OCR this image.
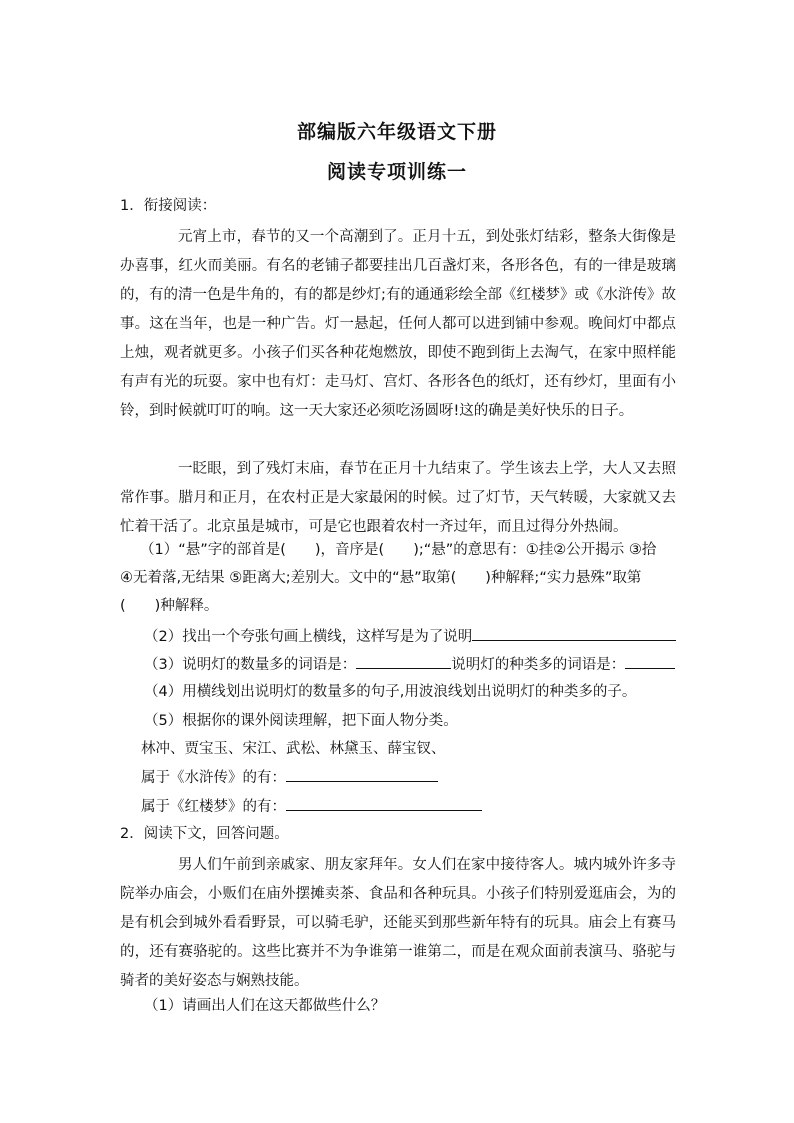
部编版六年级语文下册
阅读专项训练一
1．衔接阅读：
元宵上市，春节的又一个高潮到了。正月十五，到处张灯结彩，整条大街像是办喜事，红火而美丽。有名的老铺子都要挂出几百盏灯来，各形各色，有的一律是玻璃的，有的清一色是牛角的，有的都是纱灯;有的通通彩绘全部《红楼梦》或《水浒传》故事。这在当年，也是一种广告。灯一悬起，任何人都可以进到铺中参观。晚间灯中都点上烛，观者就更多。小孩子们买各种花炮燃放，即使不跑到街上去淘气，在家中照样能有声有光的玩耍。家中也有灯：走马灯、宫灯、各形各色的纸灯，还有纱灯，里面有小铃，到时候就叮叮的响。这一天大家还必须吃汤圆呀!这的确是美好快乐的日子。
一眨眼，到了残灯末庙，春节在正月十九结束了。学生该去上学，大人又去照常作事。腊月和正月，在农村正是大家最闲的时候。过了灯节，天气转暖，大家就又去忙着干活了。北京虽是城市，可是它也跟着农村一齐过年，而且过得分外热闹。
（1）“悬”字的部首是(　　)，音序是(　　);“悬”的意思有：①挂②公开揭示 ③拾
④无着落,无结果 ⑤距离大;差别大。文中的“悬”取第(　　)种解释;“实力悬殊”取第
(　　)种解释。
（2）找出一个夸张句画上横线，这样写是为了说明
（3）说明灯的数量多的词语是：	说明灯的种类多的词语是：
（4）用横线划出说明灯的数量多的句子,用波浪线划出说明灯的种类多的子。
（5）根据你的课外阅读理解，把下面人物分类。
林冲、贾宝玉、宋江、武松、林黛玉、薛宝钗、
属于《水浒传》的有：
属于《红楼梦》的有：
2．阅读下文，回答问题。
男人们午前到亲戚家、朋友家拜年。女人们在家中接待客人。城内城外许多寺院举办庙会，小贩们在庙外摆摊卖茶、食品和各种玩具。小孩子们特别爱逛庙会，为的是有机会到城外看看野景，可以骑毛驴，还能买到那些新年特有的玩具。庙会上有赛马的，还有赛骆驼的。这些比赛并不为争谁第一谁第二，而是在观众面前表演马、骆驼与骑者的美好姿态与娴熟技能。
（1）请画出人们在这天都做些什么？
